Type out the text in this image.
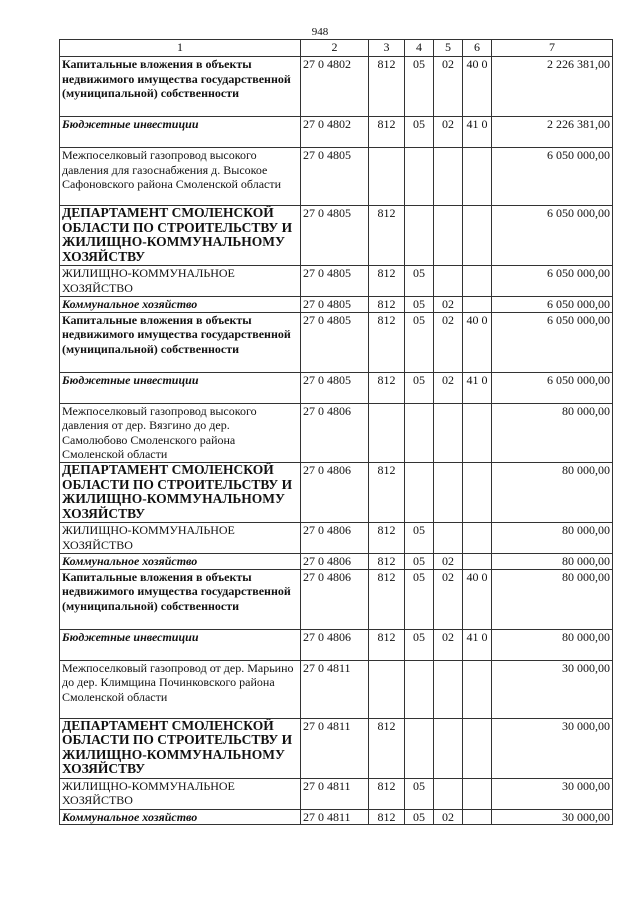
948
1	2	3	4	5	6	7
Капитальные вложения в объекты недвижимого имущества государственной (муниципальной) собственности	27 0 4802	812	05	02	40 0	2 226 381,00
Бюджетные инвестиции	27 0 4802	812	05	02	41 0	2 226 381,00
Межпоселковый газопровод высокого давления для газоснабжения д. Высокое Сафоновского района Смоленской области	27 0 4805					6 050 000,00
ДЕПАРТАМЕНТ СМОЛЕНСКОЙ ОБЛАСТИ ПО СТРОИТЕЛЬСТВУ И ЖИЛИЩНО-КОММУНАЛЬНОМУ ХОЗЯЙСТВУ	27 0 4805	812				6 050 000,00
ЖИЛИЩНО-КОММУНАЛЬНОЕ ХОЗЯЙСТВО	27 0 4805	812	05			6 050 000,00
Коммунальное хозяйство	27 0 4805	812	05	02		6 050 000,00
Капитальные вложения в объекты недвижимого имущества государственной (муниципальной) собственности	27 0 4805	812	05	02	40 0	6 050 000,00
Бюджетные инвестиции	27 0 4805	812	05	02	41 0	6 050 000,00
Межпоселковый газопровод высокого давления от дер. Вязгино до дер. Самолюбово Смоленского района Смоленской области	27 0 4806					80 000,00
ДЕПАРТАМЕНТ СМОЛЕНСКОЙ ОБЛАСТИ ПО СТРОИТЕЛЬСТВУ И ЖИЛИЩНО-КОММУНАЛЬНОМУ ХОЗЯЙСТВУ	27 0 4806	812				80 000,00
ЖИЛИЩНО-КОММУНАЛЬНОЕ ХОЗЯЙСТВО	27 0 4806	812	05			80 000,00
Коммунальное хозяйство	27 0 4806	812	05	02		80 000,00
Капитальные вложения в объекты недвижимого имущества государственной (муниципальной) собственности	27 0 4806	812	05	02	40 0	80 000,00
Бюджетные инвестиции	27 0 4806	812	05	02	41 0	80 000,00
Межпоселковый газопровод от дер. Марьино до дер. Климщина Починковского района Смоленской области	27 0 4811					30 000,00
ДЕПАРТАМЕНТ СМОЛЕНСКОЙ ОБЛАСТИ ПО СТРОИТЕЛЬСТВУ И ЖИЛИЩНО-КОММУНАЛЬНОМУ ХОЗЯЙСТВУ	27 0 4811	812				30 000,00
ЖИЛИЩНО-КОММУНАЛЬНОЕ ХОЗЯЙСТВО	27 0 4811	812	05			30 000,00
Коммунальное хозяйство	27 0 4811	812	05	02		30 000,00
